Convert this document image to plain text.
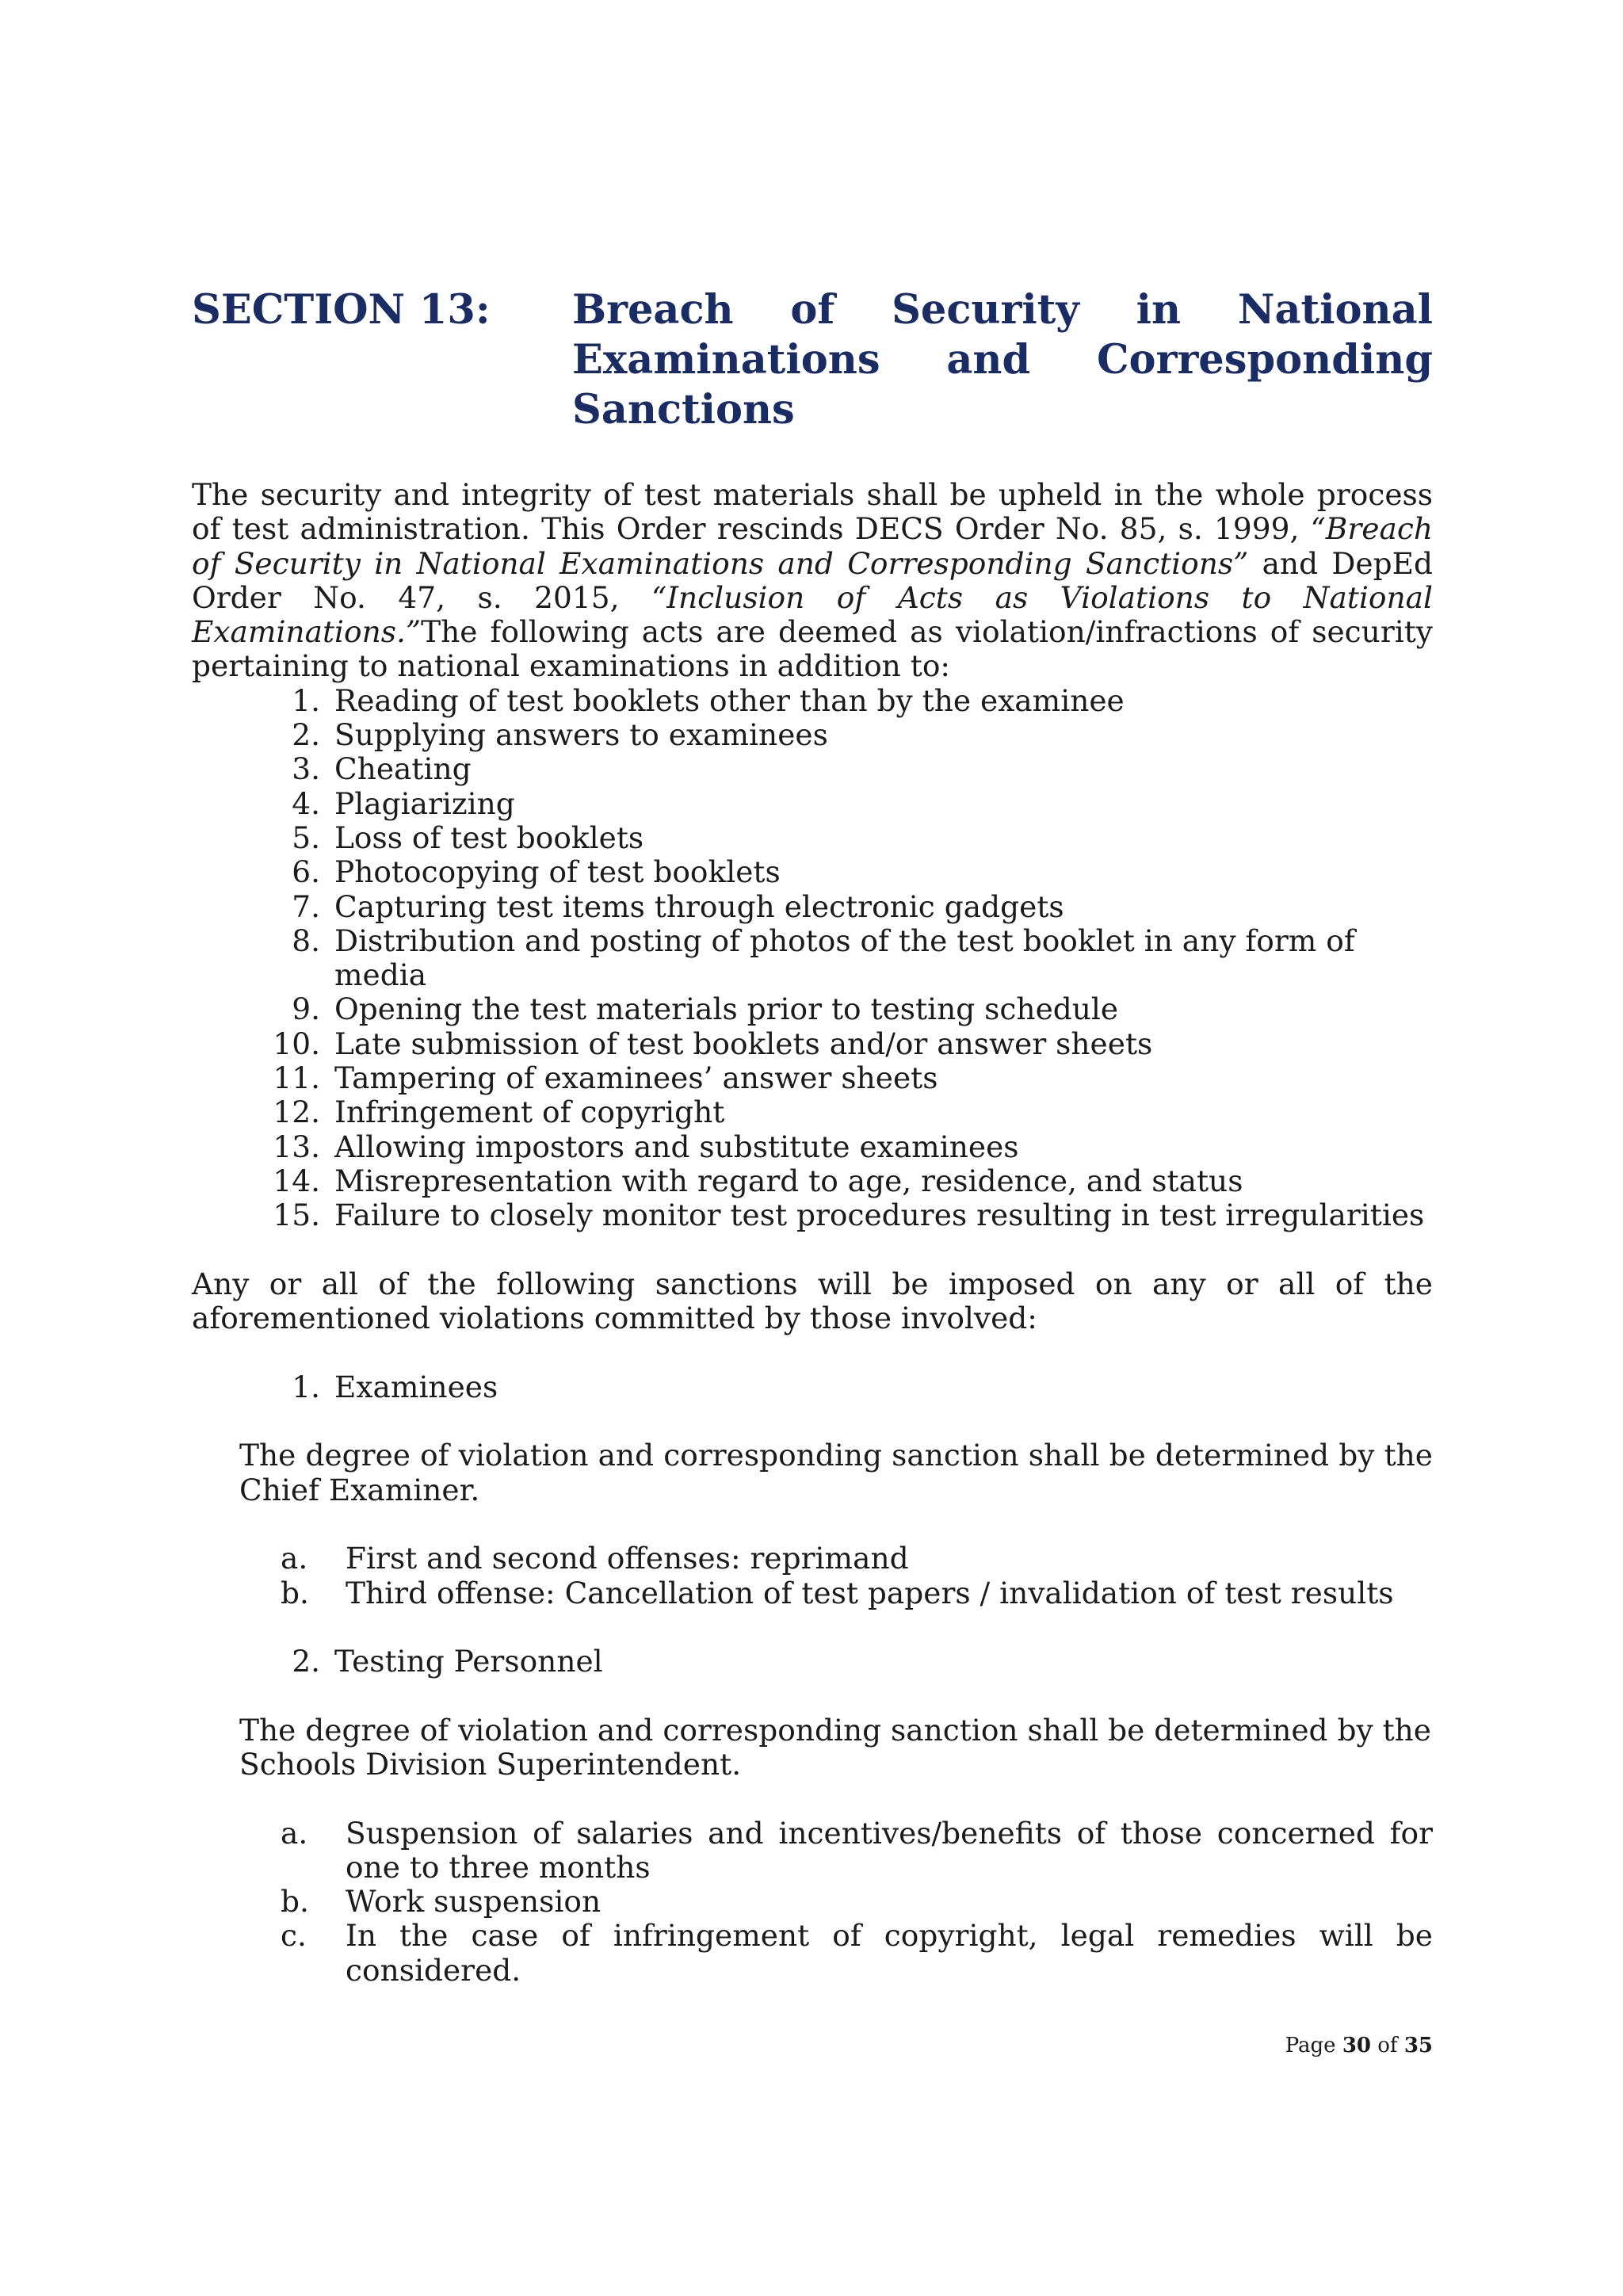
SECTION 13:	Breach of Security in National Examinations and Corresponding Sanctions

The security and integrity of test materials shall be upheld in the whole process of test administration. This Order rescinds DECS Order No. 85, s. 1999, “Breach of Security in National Examinations and Corresponding Sanctions” and DepEd Order No. 47, s. 2015, “Inclusion of Acts as Violations to National Examinations.”The following acts are deemed as violation/infractions of security pertaining to national examinations in addition to:

1. Reading of test booklets other than by the examinee
2. Supplying answers to examinees
3. Cheating
4. Plagiarizing
5. Loss of test booklets
6. Photocopying of test booklets
7. Capturing test items through electronic gadgets
8. Distribution and posting of photos of the test booklet in any form of media
9. Opening the test materials prior to testing schedule
10. Late submission of test booklets and/or answer sheets
11. Tampering of examinees’ answer sheets
12. Infringement of copyright
13. Allowing impostors and substitute examinees
14. Misrepresentation with regard to age, residence, and status
15. Failure to closely monitor test procedures resulting in test irregularities

Any or all of the following sanctions will be imposed on any or all of the aforementioned violations committed by those involved:

1. Examinees

The degree of violation and corresponding sanction shall be determined by the Chief Examiner.

a.	First and second offenses: reprimand
b.	Third offense: Cancellation of test papers / invalidation of test results
2. Testing Personnel

The degree of violation and corresponding sanction shall be determined by the Schools Division Superintendent.

a.	Suspension of salaries and incentives/benefits of those concerned for one to three months
b.	Work suspension
c.	In the case of infringement of copyright, legal remedies will be considered.
Page 30 of 35
